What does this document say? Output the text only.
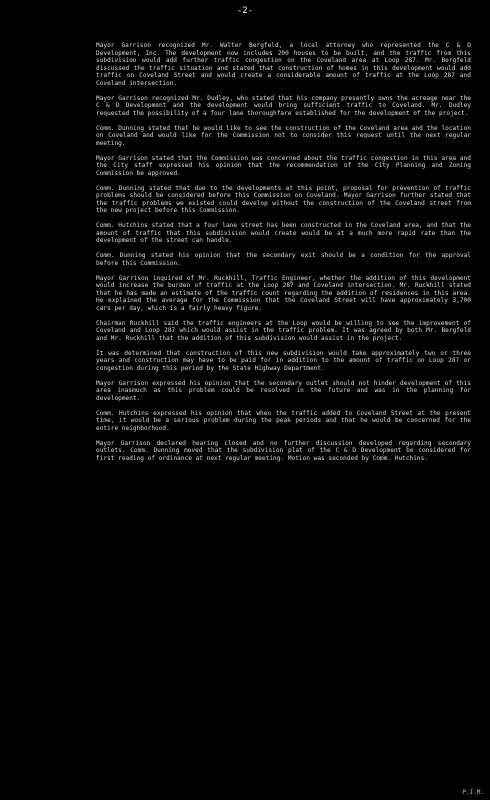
-2-

Mayor Garrison recognized Mr. Walter Bergfeld, a local attorney who represented the C & D Development, Inc. The development now includes 200 houses to be built, and the traffic from this subdivision would add further traffic congestion on the Coveland area at Loop 287. Mr. Bergfeld discussed the traffic situation and stated that construction of homes in this development would add traffic on Coveland Street and would create a considerable amount of traffic at the Loop 287 and Coveland intersection.

Mayor Garrison recognized Mr. Dudley, who stated that his company presently owns the acreage near the C & D Development and the development would bring sufficient traffic to Coveland. Mr. Dudley requested the possibility of a four lane thoroughfare established for the development of the project.

Comm. Dunning stated that he would like to see the construction of the Coveland area and the location on Coveland and would like for the Commission not to consider this request until the next regular meeting.

Mayor Garrison stated that the Commission was concerned about the traffic congestion in this area and the City staff expressed his opinion that the recommendation of the City Planning and Zoning Commission be approved.

Comm. Dunning stated that due to the developments at this point, proposal for prevention of traffic problems should be considered before this Commission on Coveland. Mayor Garrison further stated that the traffic problems we existed could develop without the construction of the Coveland street from the new project before this Commission.

Comm. Hutchins stated that a four lane street has been constructed in the Coveland area, and that the amount of traffic that this subdivision would create would be at a much more rapid rate than the development of the street can handle.

Comm. Dunning stated his opinion that the secondary exit should be a condition for the approval before this Commission.

Mayor Garrison inquired of Mr. Ruckhill, Traffic Engineer, whether the addition of this development would increase the burden of traffic at the Loop 287 and Coveland intersection. Mr. Ruckhill stated that he has made an estimate of the traffic count regarding the addition of residences in this area. He explained the average for the Commission that the Coveland Street will have approximately 3,700 cars per day, which is a fairly heavy figure.

Chairman Ruckhill said the traffic engineers at the Loop would be willing to see the improvement of Coveland and Loop 287 which would assist in the traffic problem. It was agreed by both Mr. Bergfeld and Mr. Ruckhill that the addition of this subdivision would assist in the project.

It was determined that construction of this new subdivision would take approximately two or three years and construction may have to be paid for in addition to the amount of traffic on Loop 287 or congestion during this period by the State Highway Department.

Mayor Garrison expressed his opinion that the secondary outlet should not hinder development of this area inasmuch as this problem could be resolved in the future and was in the planning for development.

Comm. Hutchins expressed his opinion that when the traffic added to Coveland Street at the present time, it would be a serious problem during the peak periods and that he would be concerned for the entire neighborhood.

Mayor Garrison declared hearing closed and no further discussion developed regarding secondary outlets. Comm. Dunning moved that the subdivision plat of the C & D Development be considered for first reading of ordinance at next regular meeting. Motion was seconded by Comm. Hutchins.

P.I.M.
